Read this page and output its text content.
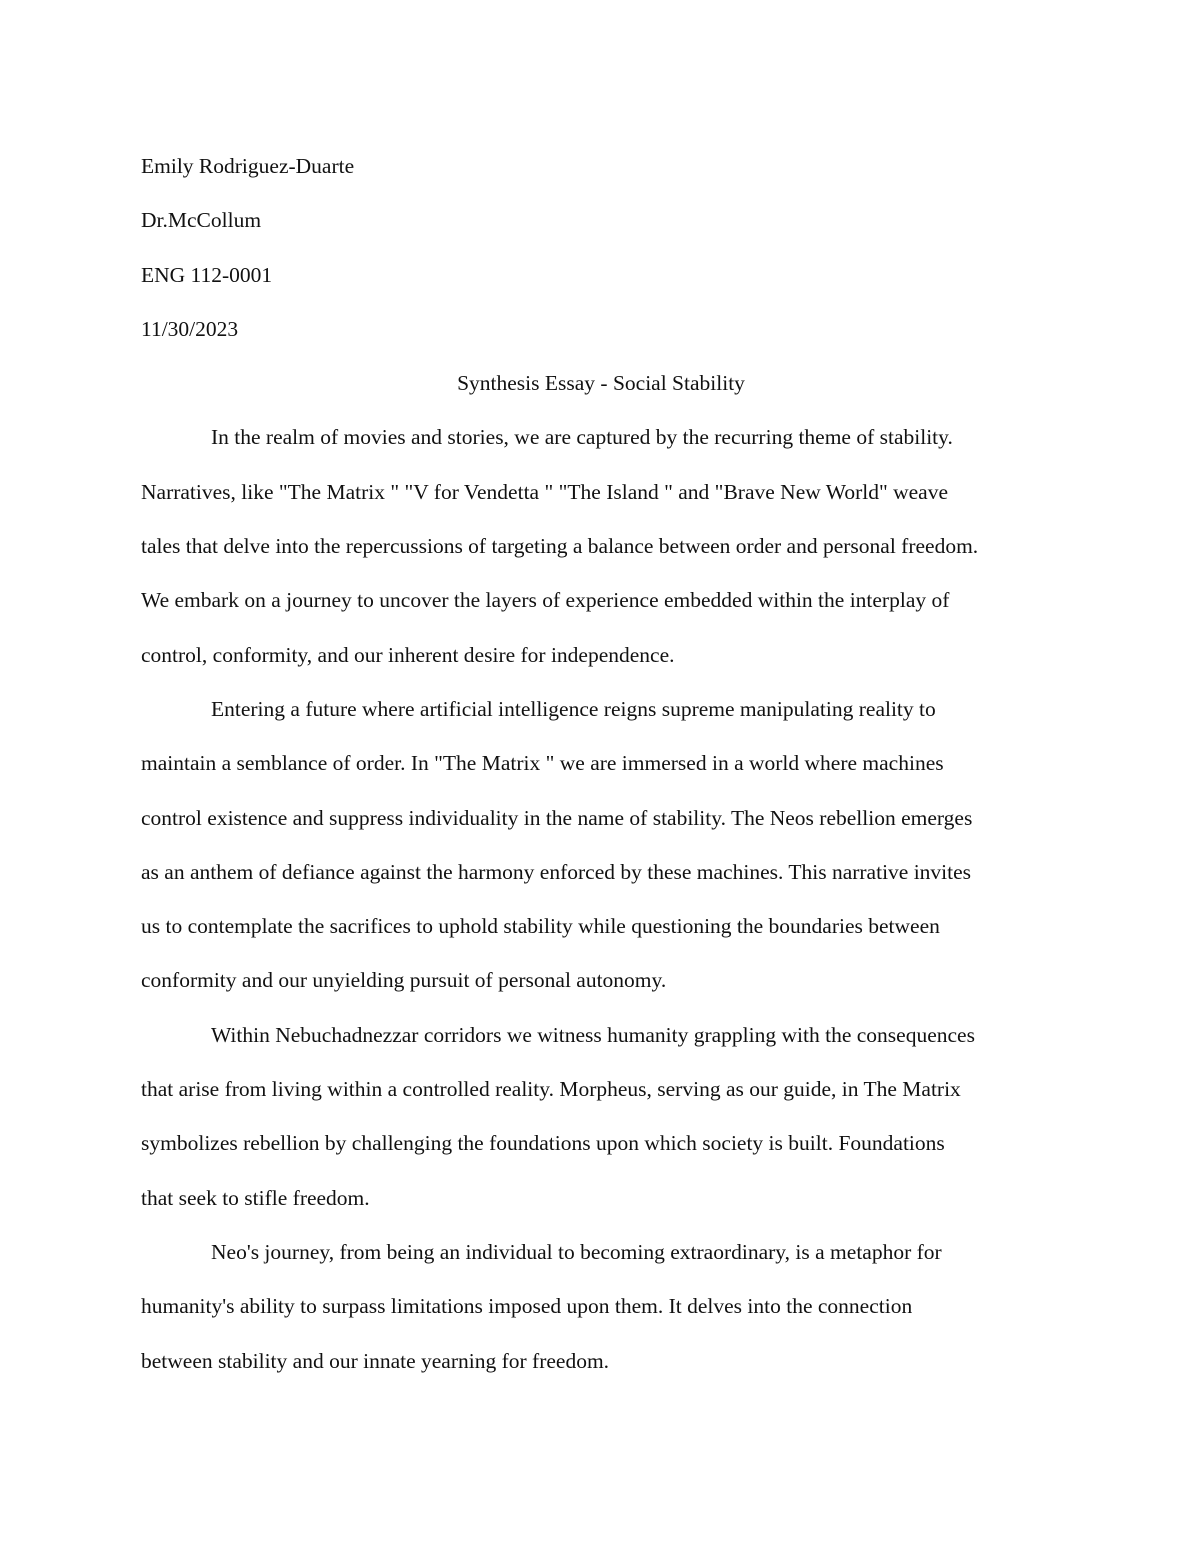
Emily Rodriguez-Duarte

Dr.McCollum

ENG 112-0001

11/30/2023

Synthesis Essay - Social Stability

In the realm of movies and stories, we are captured by the recurring theme of stability.
Narratives, like "The Matrix " "V for Vendetta " "The Island " and "Brave New World" weave
tales that delve into the repercussions of targeting a balance between order and personal freedom.
We embark on a journey to uncover the layers of experience embedded within the interplay of
control, conformity, and our inherent desire for independence.

Entering a future where artificial intelligence reigns supreme manipulating reality to
maintain a semblance of order. In "The Matrix " we are immersed in a world where machines
control existence and suppress individuality in the name of stability. The Neos rebellion emerges
as an anthem of defiance against the harmony enforced by these machines. This narrative invites
us to contemplate the sacrifices to uphold stability while questioning the boundaries between
conformity and our unyielding pursuit of personal autonomy.

Within Nebuchadnezzar corridors we witness humanity grappling with the consequences
that arise from living within a controlled reality. Morpheus, serving as our guide, in The Matrix
symbolizes rebellion by challenging the foundations upon which society is built. Foundations
that seek to stifle freedom.

Neo's journey, from being an individual to becoming extraordinary, is a metaphor for
humanity's ability to surpass limitations imposed upon them. It delves into the connection
between stability and our innate yearning for freedom.
